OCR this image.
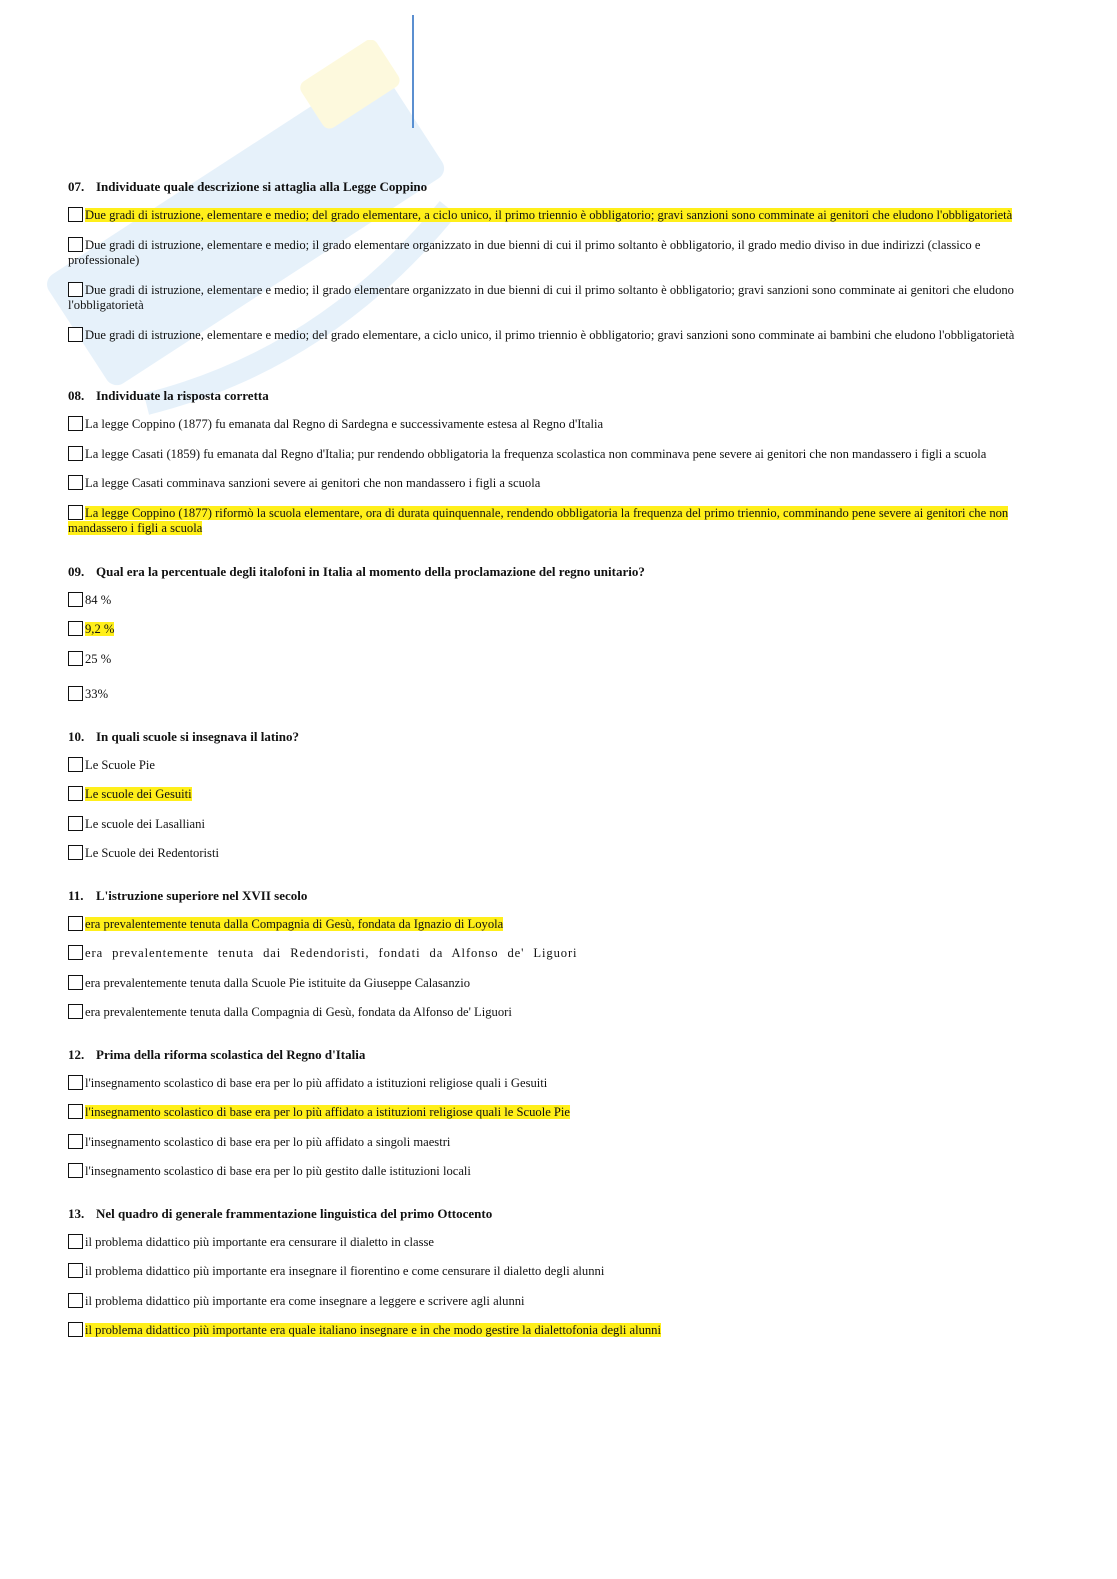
07. Individuate quale descrizione si attaglia alla Legge Coppino
Due gradi di istruzione, elementare e medio; del grado elementare, a ciclo unico, il primo triennio è obbligatorio; gravi sanzioni sono comminate ai genitori che eludono l'obbligatorietà
Due gradi di istruzione, elementare e medio; il grado elementare organizzato in due bienni di cui il primo soltanto è obbligatorio, il grado medio diviso in due indirizzi (classico e professionale)
Due gradi di istruzione, elementare e medio; il grado elementare organizzato in due bienni di cui il primo soltanto è obbligatorio; gravi sanzioni sono comminate ai genitori che eludono l'obbligatorietà
Due gradi di istruzione, elementare e medio; del grado elementare, a ciclo unico, il primo triennio è obbligatorio; gravi sanzioni sono comminate ai bambini che eludono l'obbligatorietà
08. Individuate la risposta corretta
La legge Coppino (1877) fu emanata dal Regno di Sardegna e successivamente estesa al Regno d'Italia
La legge Casati (1859) fu emanata dal Regno d'Italia; pur rendendo obbligatoria la frequenza scolastica non comminava pene severe ai genitori che non mandassero i figli a scuola
La legge Casati comminava sanzioni severe ai genitori che non mandassero i figli a scuola
La legge Coppino (1877) riformò la scuola elementare, ora di durata quinquennale, rendendo obbligatoria la frequenza del primo triennio, comminando pene severe ai genitori che non mandassero i figli a scuola
09. Qual era la percentuale degli italofoni in Italia al momento della proclamazione del regno unitario?
84 %
9,2 %
25 %
33%
10. In quali scuole si insegnava il latino?
Le Scuole Pie
Le scuole dei Gesuiti
Le scuole dei Lasalliani
Le Scuole dei Redentoristi
11. L'istruzione superiore nel XVII secolo
era prevalentemente tenuta dalla Compagnia di Gesù, fondata da Ignazio di Loyola
era prevalentemente tenuta dai Redendoristi, fondati da Alfonso de' Liguori
era prevalentemente tenuta dalla Scuole Pie istituite da Giuseppe Calasanzio
era prevalentemente tenuta dalla Compagnia di Gesù, fondata da Alfonso de' Liguori
12. Prima della riforma scolastica del Regno d'Italia
l'insegnamento scolastico di base era per lo più affidato a istituzioni religiose quali i Gesuiti
l'insegnamento scolastico di base era per lo più affidato a istituzioni religiose quali le Scuole Pie
l'insegnamento scolastico di base era per lo più affidato a singoli maestri
l'insegnamento scolastico di base era per lo più gestito dalle istituzioni locali
13. Nel quadro di generale frammentazione linguistica del primo Ottocento
il problema didattico più importante era censurare il dialetto in classe
il problema didattico più importante era insegnare il fiorentino e come censurare il dialetto degli alunni
il problema didattico più importante era come insegnare a leggere e scrivere agli alunni
il problema didattico più importante era quale italiano insegnare e in che modo gestire la dialettofonia degli alunni
